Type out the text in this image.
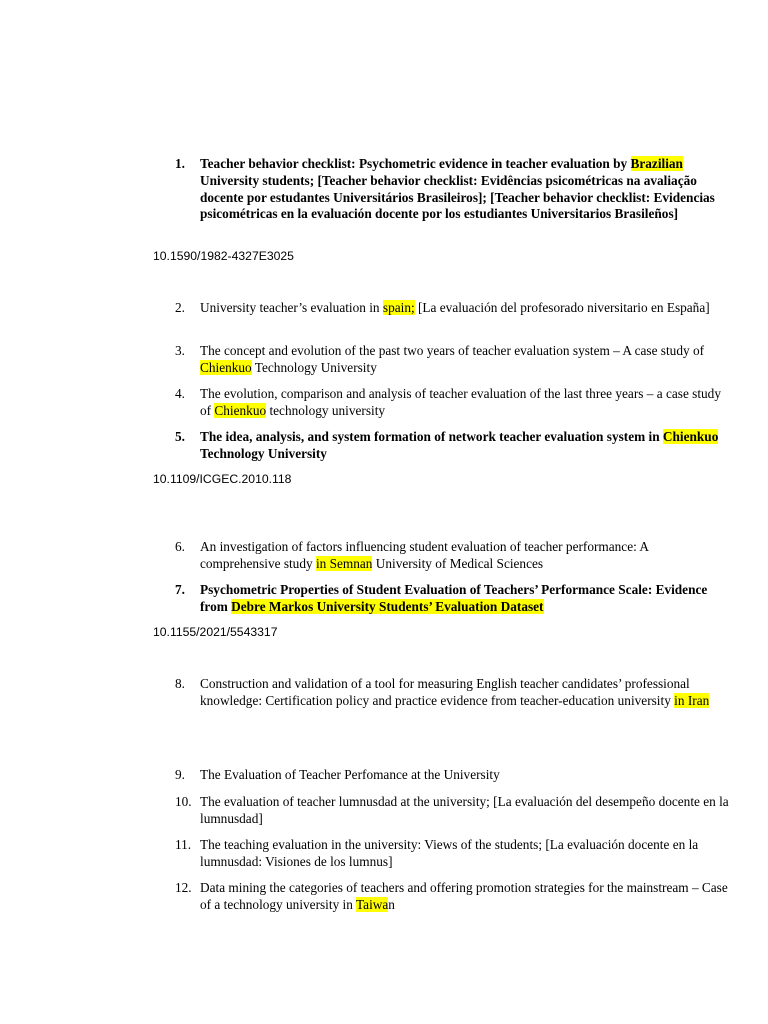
1. Teacher behavior checklist: Psychometric evidence in teacher evaluation by Brazilian University students; [Teacher behavior checklist: Evidências psicométricas na avaliação docente por estudantes Universitários Brasileiros]; [Teacher behavior checklist: Evidencias psicométricas en la evaluación docente por los estudiantes Universitarios Brasileños]
10.1590/1982-4327E3025
2. University teacher’s evaluation in spain; [La evaluación del profesorado niversitario en España]
3. The concept and evolution of the past two years of teacher evaluation system – A case study of Chienkuo Technology University
4. The evolution, comparison and analysis of teacher evaluation of the last three years – a case study of Chienkuo technology university
5. The idea, analysis, and system formation of network teacher evaluation system in Chienkuo Technology University
10.1109/ICGEC.2010.118
6. An investigation of factors influencing student evaluation of teacher performance: A comprehensive study in Semnan University of Medical Sciences
7. Psychometric Properties of Student Evaluation of Teachers’ Performance Scale: Evidence from Debre Markos University Students’ Evaluation Dataset
10.1155/2021/5543317
8. Construction and validation of a tool for measuring English teacher candidates’ professional knowledge: Certification policy and practice evidence from teacher-education university in Iran
9. The Evaluation of Teacher Perfomance at the University
10. The evaluation of teacher lumnusdad at the university; [La evaluación del desempeño docente en la lumnusdad]
11. The teaching evaluation in the university: Views of the students; [La evaluación docente en la lumnusdad: Visiones de los lumnus]
12. Data mining the categories of teachers and offering promotion strategies for the mainstream – Case of a technology university in Taiwan
